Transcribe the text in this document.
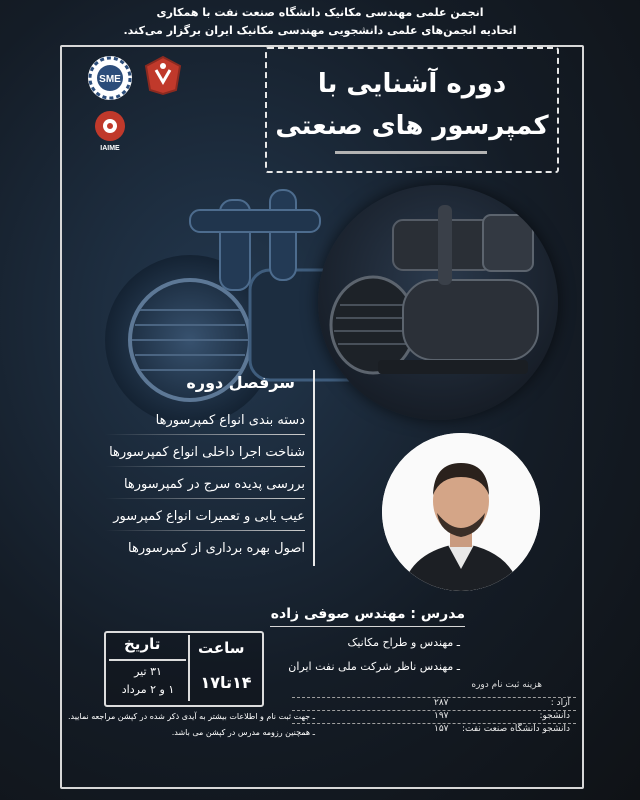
انجمن علمی مهندسی مکانیک دانشگاه صنعت نفت با همکاری
اتحادیه انجمن‌های علمی دانشجویی مهندسی مکانیک ایران برگزار می‌کند.
SME
IAIME
دوره آشنایی با
کمپرسور های صنعتی
سرفصل دوره
دسته بندی انواع کمپرسورها
شناخت اجرا داخلی انواع کمپرسورها
بررسی پدیده سرج در کمپرسورها
عیب یابی و تعمیرات انواع کمپرسور
اصول بهره برداری از کمپرسورها
مدرس : مهندس صوفی زاده
ـ مهندس و طراح مکانیک
ـ مهندس ناظر شرکت ملی نفت ایران
ساعت
تاریخ
۱۴تا۱۷
۳۱ تیر
۱ و ۲ مرداد	هزینه ثبت نام دوره
آزاد :
۲۸۷
دانشجو:
۱۹۷
دانشجو دانشگاه صنعت نفت:
۱۵۷
ـ جهت ثبت نام و اطلاعات بیشتر به آیدی ذکر شده در کپشن مراجعه نمایید.
ـ همچنین رزومه مدرس در کپشن می باشد.
